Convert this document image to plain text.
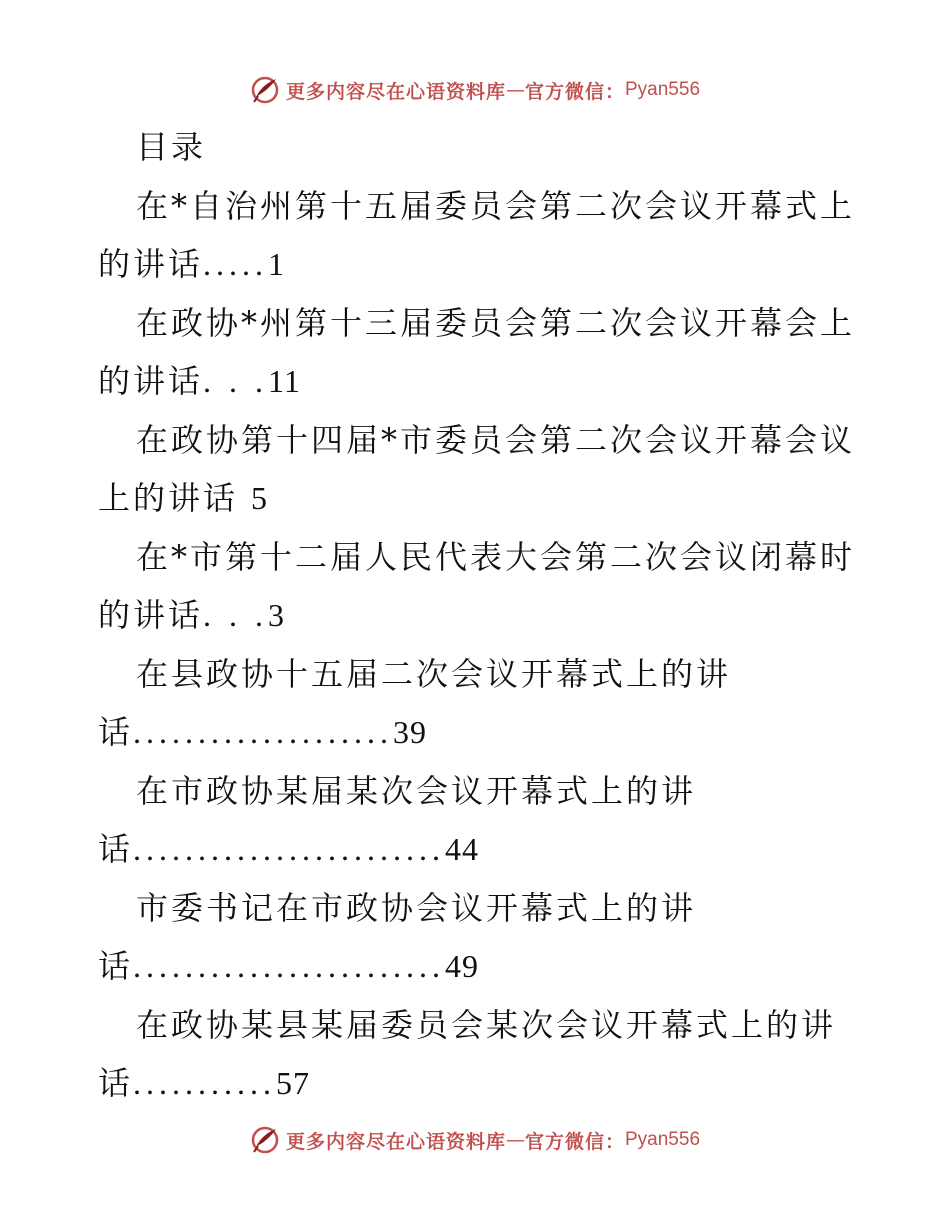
更多内容尽在心语资料库 — 官方微信： Pyan556
目录
在*自治州第十五届委员会第二次会议开幕式上
的讲话.....1
在政协*州第十三届委员会第二次会议开幕会上
的讲话. . .11
在政协第十四届*市委员会第二次会议开幕会议
上的讲话 5
在*市第十二届人民代表大会第二次会议闭幕时
的讲话. . .3
在县政协十五届二次会议开幕式上的讲
话....................39
在市政协某届某次会议开幕式上的讲
话........................44
市委书记在市政协会议开幕式上的讲
话........................49
在政协某县某届委员会某次会议开幕式上的讲
话...........57
更多内容尽在心语资料库 — 官方微信： Pyan556
